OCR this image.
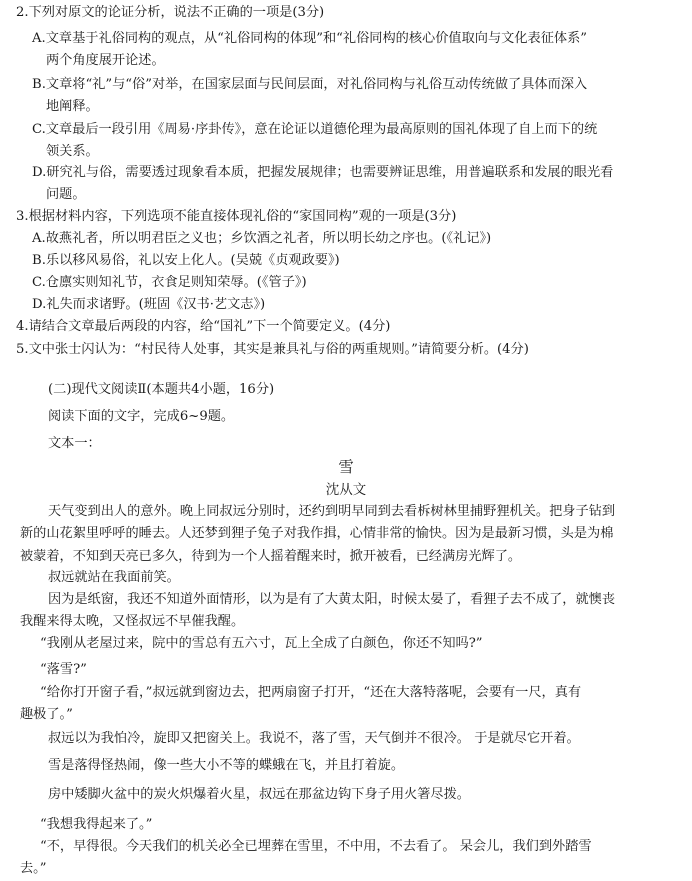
2.下列对原文的论证分析，说法不正确的一项是(3分)
A.文章基于礼俗同构的观点，从“礼俗同构的体现”和“礼俗同构的核心价值取向与文化表征体系”
两个角度展开论述。
B.文章将“礼”与“俗”对举，在国家层面与民间层面，对礼俗同构与礼俗互动传统做了具体而深入
地阐释。
C.文章最后一段引用《周易·序卦传》，意在论证以道德伦理为最高原则的国礼体现了自上而下的统
领关系。
D.研究礼与俗，需要透过现象看本质，把握发展规律；也需要辨证思维，用普遍联系和发展的眼光看
问题。
3.根据材料内容，下列选项不能直接体现礼俗的“家国同构”观的一项是(3分)
A.故燕礼者，所以明君臣之义也；乡饮酒之礼者，所以明长幼之序也。(《礼记》)
B.乐以移风易俗，礼以安上化人。(吴兢《贞观政要》)
C.仓廪实则知礼节，衣食足则知荣辱。(《管子》)
D.礼失而求诸野。(班固《汉书·艺文志》)
4.请结合文章最后两段的内容，给“国礼”下一个简要定义。(4分)
5.文中张士闪认为：“村民待人处事，其实是兼具礼与俗的两重规则。”请简要分析。(4分)
(二)现代文阅读Ⅱ(本题共4小题，16分)
阅读下面的文字，完成6~9题。
文本一：
雪
沈从文
天气变到出人的意外。晚上同叔远分别时，还约到明早同到去看柝树林里捕野狸机关。把身子钻到
新的山花絮里呼呼的睡去。人还梦到狸子兔子对我作揖，心情非常的愉快。因为是最新习惯，头是为棉
被蒙着，不知到天亮已多久，待到为一个人摇着醒来时，掀开被看，已经满房光辉了。
叔远就站在我面前笑。
因为是纸窗，我还不知道外面情形，以为是有了大黄太阳，时候太晏了，看狸子去不成了，就懊丧
我醒来得太晚，又怪叔远不早催我醒。
“我刚从老屋过来，院中的雪总有五六寸，瓦上全成了白颜色，你还不知吗?”
“落雪?”
“给你打开窗子看，”叔远就到窗边去，把两扇窗子打开，“还在大落特落呢，会要有一尺，真有
趣极了。”
叔远以为我怕冷，旋即又把窗关上。我说不，落了雪，天气倒并不很冷。 于是就尽它开着。
雪是落得怪热闹，像一些大小不等的蝶蛾在飞，并且打着旋。
房中矮脚火盆中的炭火炽爆着火星，叔远在那盆边钩下身子用火箸尽拨。
“我想我得起来了。”
“不，早得很。今天我们的机关必全已埋葬在雪里，不中用，不去看了。 呆会儿，我们到外踏雪
去。”
